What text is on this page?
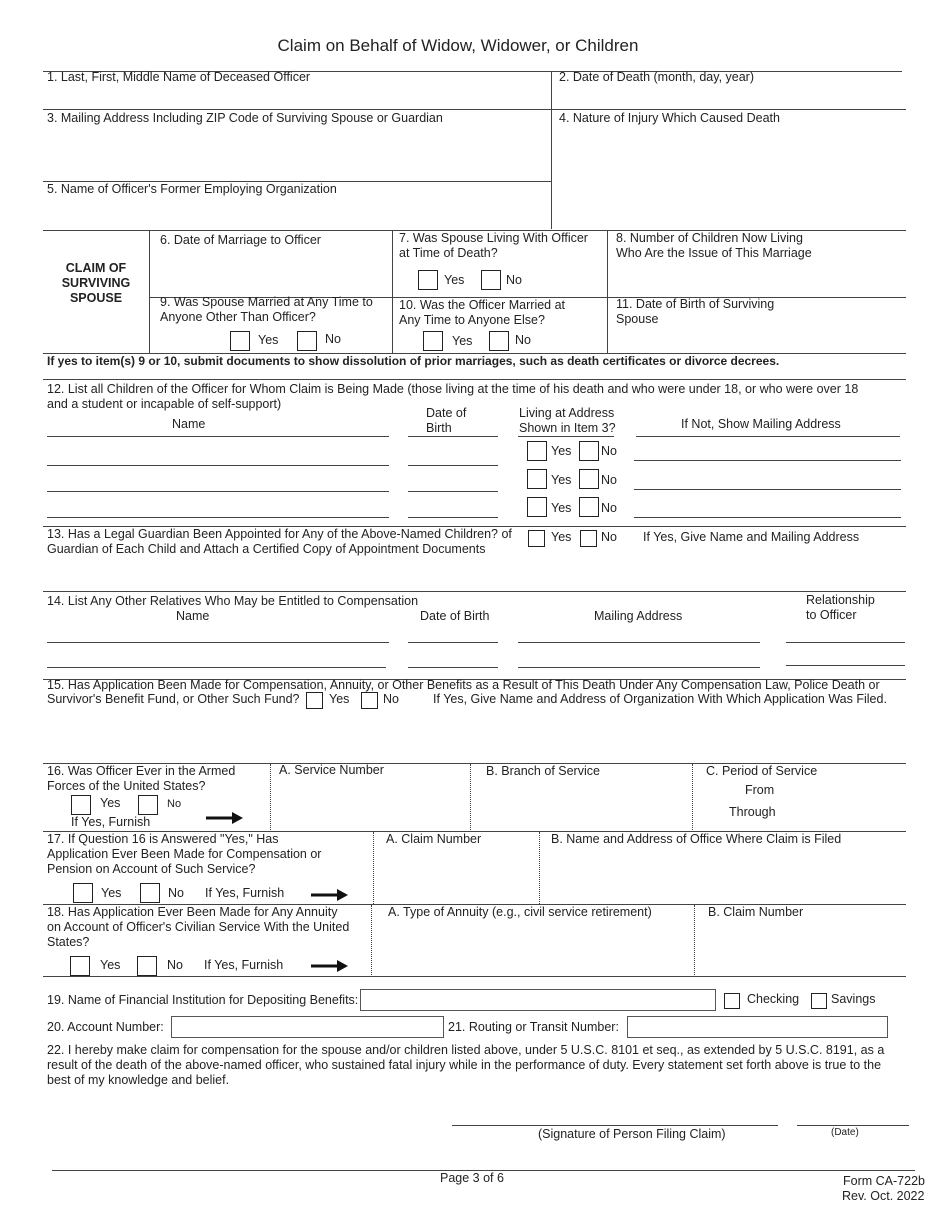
Claim on Behalf of Widow, Widower, or Children
1. Last, First, Middle Name of Deceased Officer	2. Date of Death (month, day, year)
3. Mailing Address Including ZIP Code of Surviving Spouse or Guardian	4. Nature of Injury Which Caused Death
5. Name of Officer's Former Employing Organization
CLAIM OF
SURVIVING
SPOUSE
6. Date of Marriage to Officer	7. Was Spouse Living With Officer
at Time of Death?
Yes	No
8. Number of Children Now Living
Who Are the Issue of This Marriage
9. Was Spouse Married at Any Time to
Anyone Other Than Officer?
Yes	No
10. Was the Officer Married at
Any Time to Anyone Else?
Yes	No
11. Date of Birth of Surviving
Spouse
If yes to item(s) 9 or 10, submit documents to show dissolution of prior marriages, such as death certificates or divorce decrees.
12. List all Children of the Officer for Whom Claim is Being Made (those living at the time of his death and who were under 18, or who were over 18 and a student or incapable of self-support)
Name
Date of
Birth
Living at Address
Shown in Item 3?	If Not, Show Mailing Address
Yes No
Yes No
Yes No
13. Has a Legal Guardian Been Appointed for Any of the Above-Named Children? of Guardian of Each Child and Attach a Certified Copy of Appointment Documents
Yes No If Yes, Give Name and Mailing Address
14. List Any Other Relatives Who May be Entitled to Compensation
Name	Date of Birth	Mailing Address
Relationship
to Officer
15. Has Application Been Made for Compensation, Annuity, or Other Benefits as a Result of This Death Under Any Compensation Law, Police Death or
Survivor's Benefit Fund, or Other Such Fund? Yes	No	If Yes, Give Name and Address of Organization With Which Application Was Filed.
16. Was Officer Ever in the Armed
Forces of the United States?
Yes	No
If Yes, Furnish
A. Service Number	B. Branch of Service	C. Period of Service
From
Through
17. If Question 16 is Answered "Yes," Has
Application Ever Been Made for Compensation or
Pension on Account of Such Service?
Yes	No If Yes, Furnish
A. Claim Number	B. Name and Address of Office Where Claim is Filed
18. Has Application Ever Been Made for Any Annuity
on Account of Officer's Civilian Service With the United
States?
Yes	No If Yes, Furnish
A. Type of Annuity (e.g., civil service retirement)	B. Claim Number
19. Name of Financial Institution for Depositing Benefits:	Checking	Savings
20. Account Number:	21. Routing or Transit Number:
22. I hereby make claim for compensation for the spouse and/or children listed above, under 5 U.S.C. 8101 et seq., as extended by 5 U.S.C. 8191, as a result of the death of the above-named officer, who sustained fatal injury while in the performance of duty. Every statement set forth above is true to the best of my knowledge and belief.
(Signature of Person Filing Claim)	(Date)
Page 3 of 6	Form CA-722b
Rev. Oct. 2022
